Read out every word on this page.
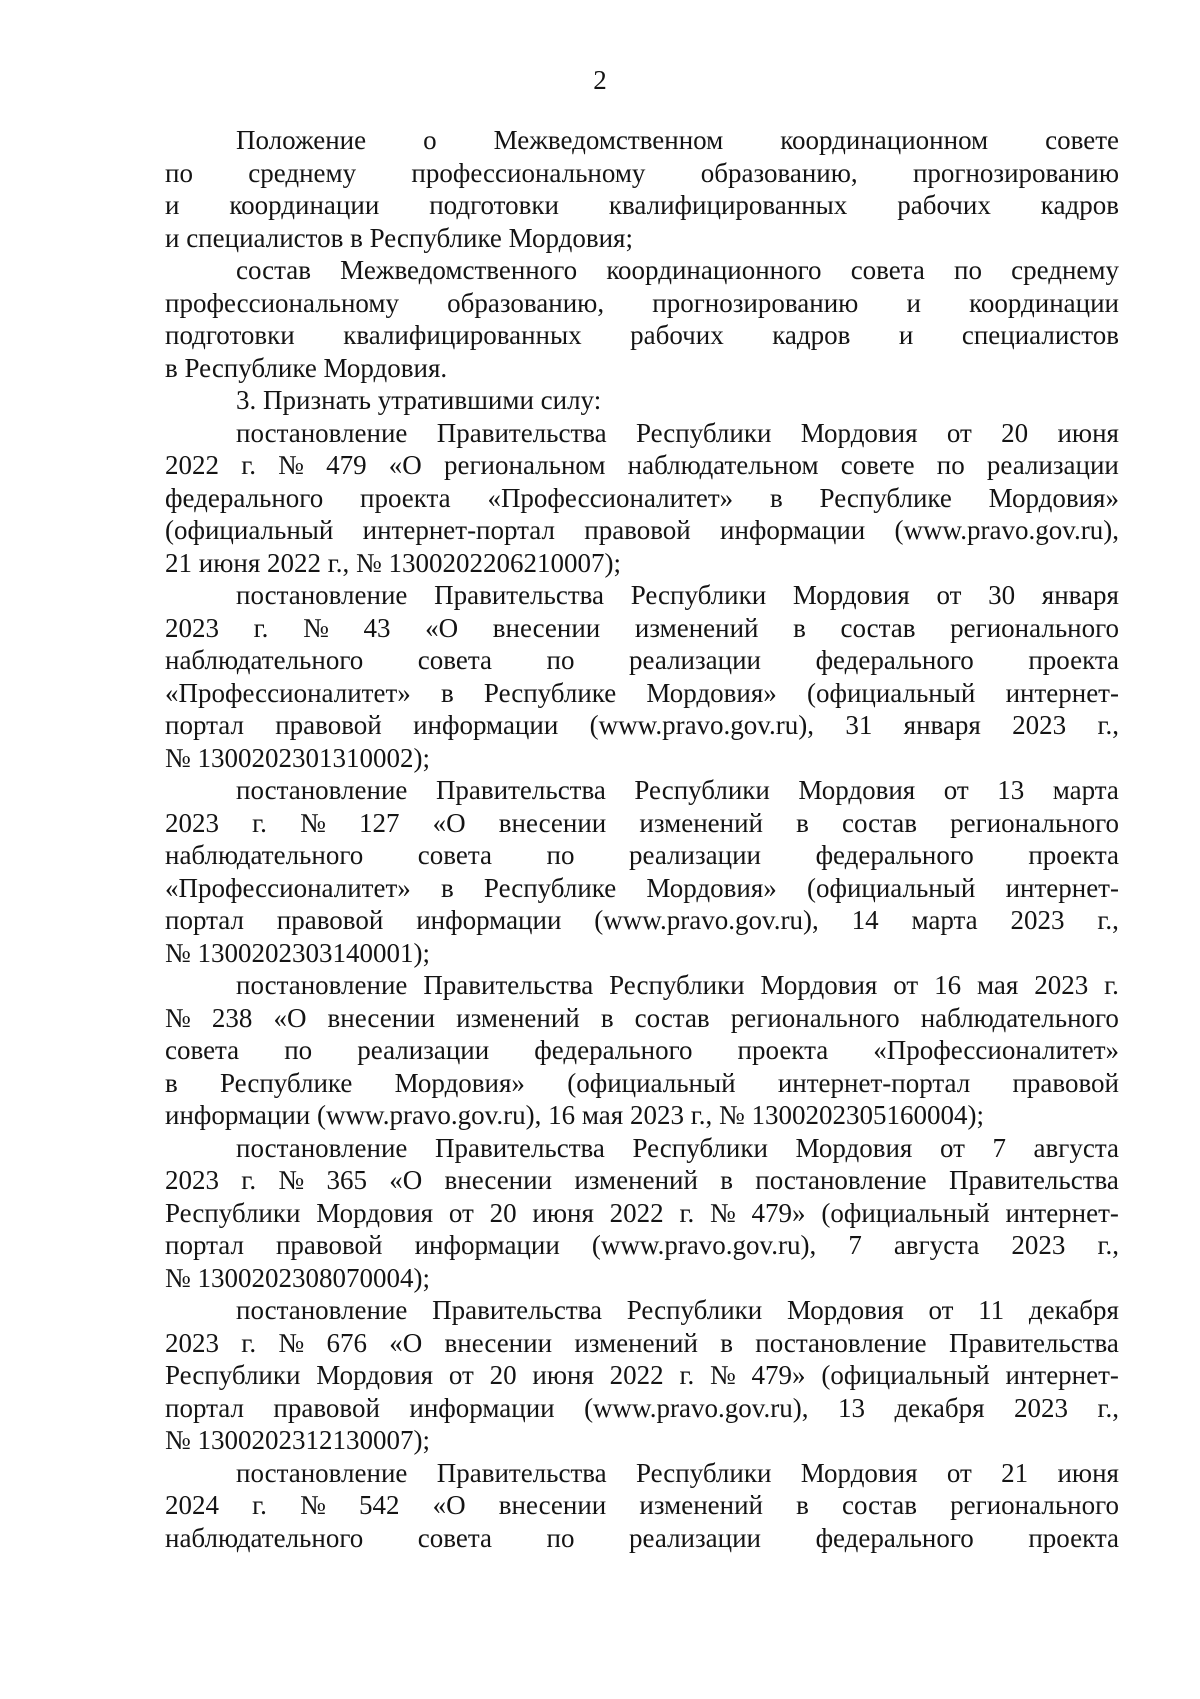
2
Положение о Межведомственном координационном совете
по среднему профессиональному образованию, прогнозированию
и координации подготовки квалифицированных рабочих кадров
и специалистов в Республике Мордовия;
состав Межведомственного координационного совета по среднему
профессиональному образованию, прогнозированию и координации
подготовки квалифицированных рабочих кадров и специалистов
в Республике Мордовия.
3. Признать утратившими силу:
постановление Правительства Республики Мордовия от 20 июня
2022 г. № 479 «О региональном наблюдательном совете по реализации
федерального проекта «Профессионалитет» в Республике Мордовия»
(официальный интернет-портал правовой информации (www.pravo.gov.ru),
21 июня 2022 г., № 1300202206210007);
постановление Правительства Республики Мордовия от 30 января
2023 г. № 43 «О внесении изменений в состав регионального
наблюдательного совета по реализации федерального проекта
«Профессионалитет» в Республике Мордовия» (официальный интернет-
портал правовой информации (www.pravo.gov.ru), 31 января 2023 г.,
№ 1300202301310002);
постановление Правительства Республики Мордовия от 13 марта
2023 г. № 127 «О внесении изменений в состав регионального
наблюдательного совета по реализации федерального проекта
«Профессионалитет» в Республике Мордовия» (официальный интернет-
портал правовой информации (www.pravo.gov.ru), 14 марта 2023 г.,
№ 1300202303140001);
постановление Правительства Республики Мордовия от 16 мая 2023 г.
№ 238 «О внесении изменений в состав регионального наблюдательного
совета по реализации федерального проекта «Профессионалитет»
в Республике Мордовия» (официальный интернет-портал правовой
информации (www.pravo.gov.ru), 16 мая 2023 г., № 1300202305160004);
постановление Правительства Республики Мордовия от 7 августа
2023 г. № 365 «О внесении изменений в постановление Правительства
Республики Мордовия от 20 июня 2022 г. № 479» (официальный интернет-
портал правовой информации (www.pravo.gov.ru), 7 августа 2023 г.,
№ 1300202308070004);
постановление Правительства Республики Мордовия от 11 декабря
2023 г. № 676 «О внесении изменений в постановление Правительства
Республики Мордовия от 20 июня 2022 г. № 479» (официальный интернет-
портал правовой информации (www.pravo.gov.ru), 13 декабря 2023 г.,
№ 1300202312130007);
постановление Правительства Республики Мордовия от 21 июня
2024 г. № 542 «О внесении изменений в состав регионального
наблюдательного совета по реализации федерального проекта
